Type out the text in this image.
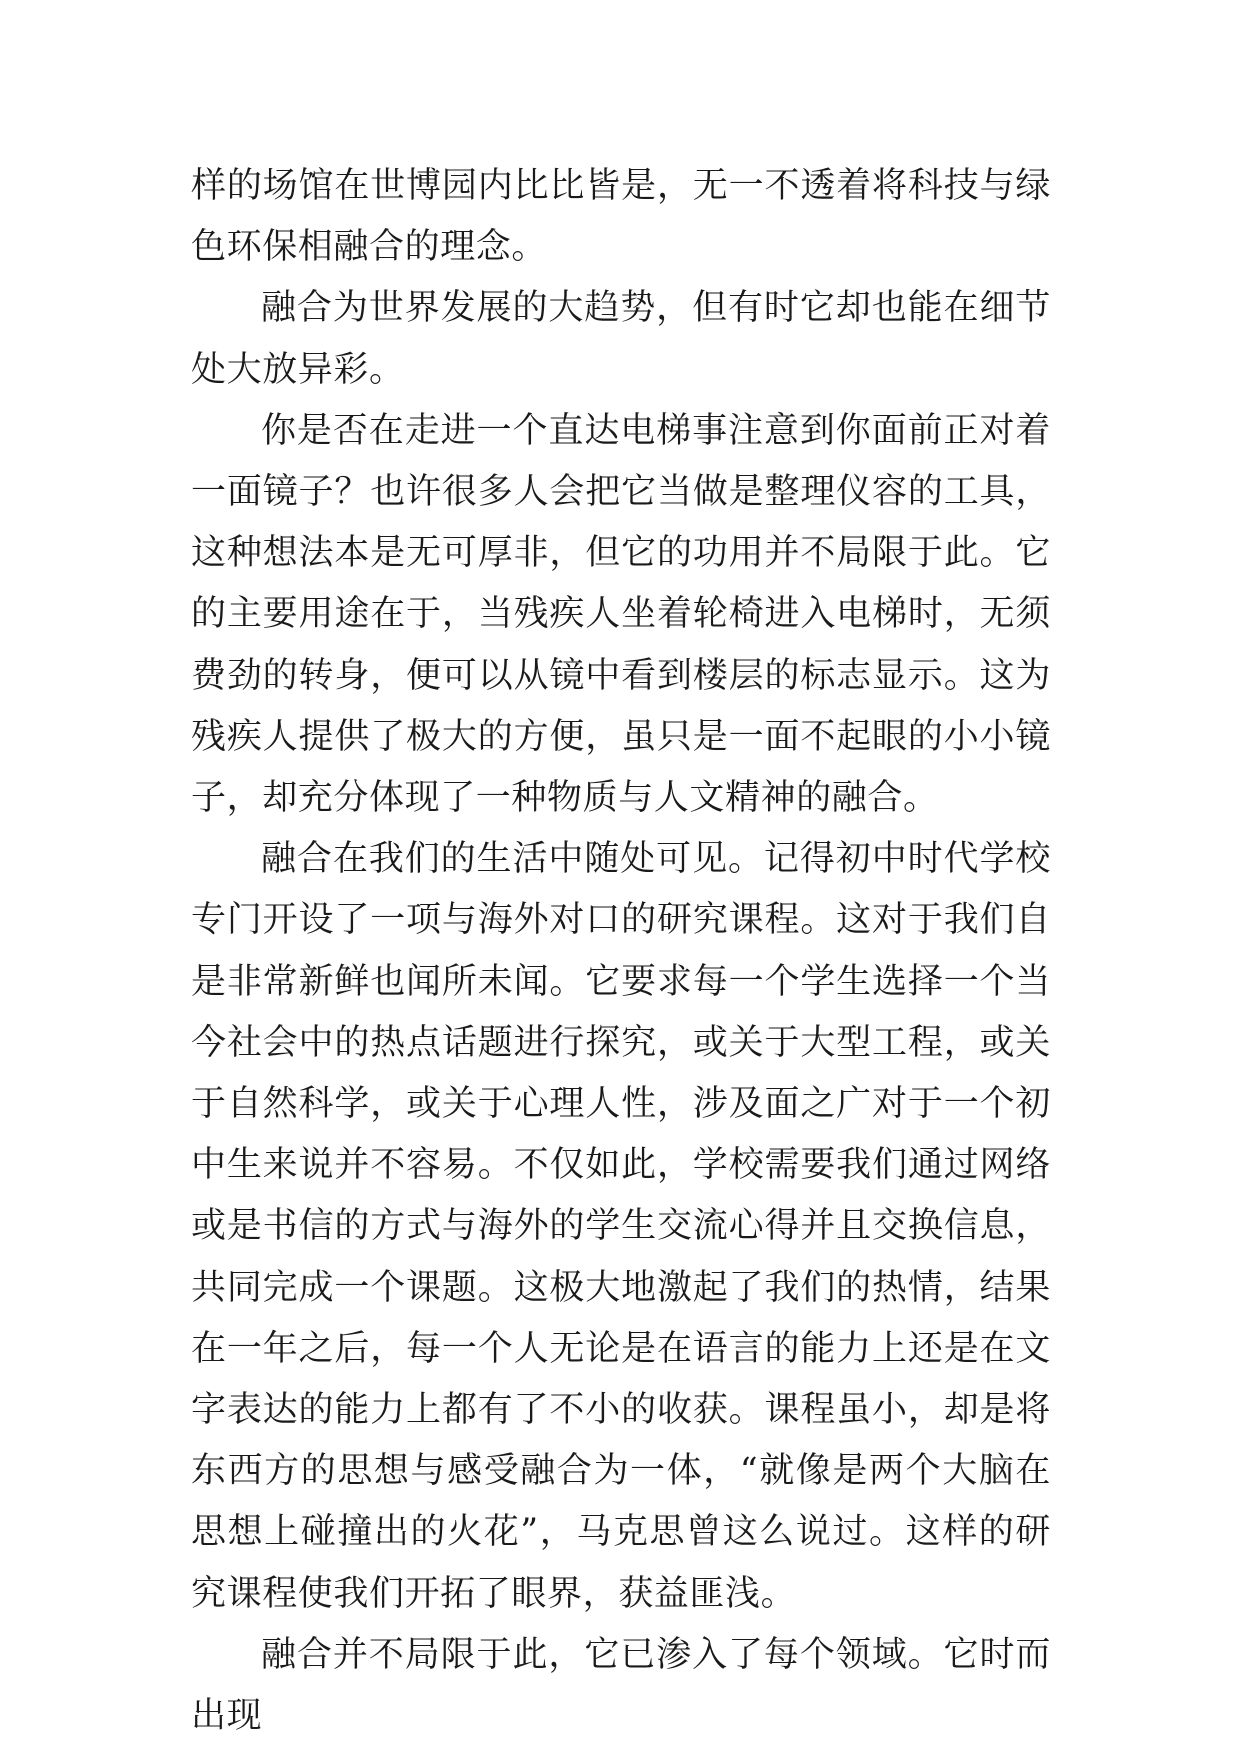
样的场馆在世博园内比比皆是，无一不透着将科技与绿色环保相融合的理念。

融合为世界发展的大趋势，但有时它却也能在细节处大放异彩。

你是否在走进一个直达电梯事注意到你面前正对着一面镜子？也许很多人会把它当做是整理仪容的工具，这种想法本是无可厚非，但它的功用并不局限于此。它的主要用途在于，当残疾人坐着轮椅进入电梯时，无须费劲的转身，便可以从镜中看到楼层的标志显示。这为残疾人提供了极大的方便，虽只是一面不起眼的小小镜子，却充分体现了一种物质与人文精神的融合。

融合在我们的生活中随处可见。记得初中时代学校专门开设了一项与海外对口的研究课程。这对于我们自是非常新鲜也闻所未闻。它要求每一个学生选择一个当今社会中的热点话题进行探究，或关于大型工程，或关于自然科学，或关于心理人性，涉及面之广对于一个初中生来说并不容易。不仅如此，学校需要我们通过网络或是书信的方式与海外的学生交流心得并且交换信息，共同完成一个课题。这极大地激起了我们的热情，结果在一年之后，每一个人无论是在语言的能力上还是在文字表达的能力上都有了不小的收获。课程虽小，却是将东西方的思想与感受融合为一体，“就像是两个大脑在思想上碰撞出的火花”，马克思曾这么说过。这样的研究课程使我们开拓了眼界，获益匪浅。

融合并不局限于此，它已渗入了每个领域。它时而出现
